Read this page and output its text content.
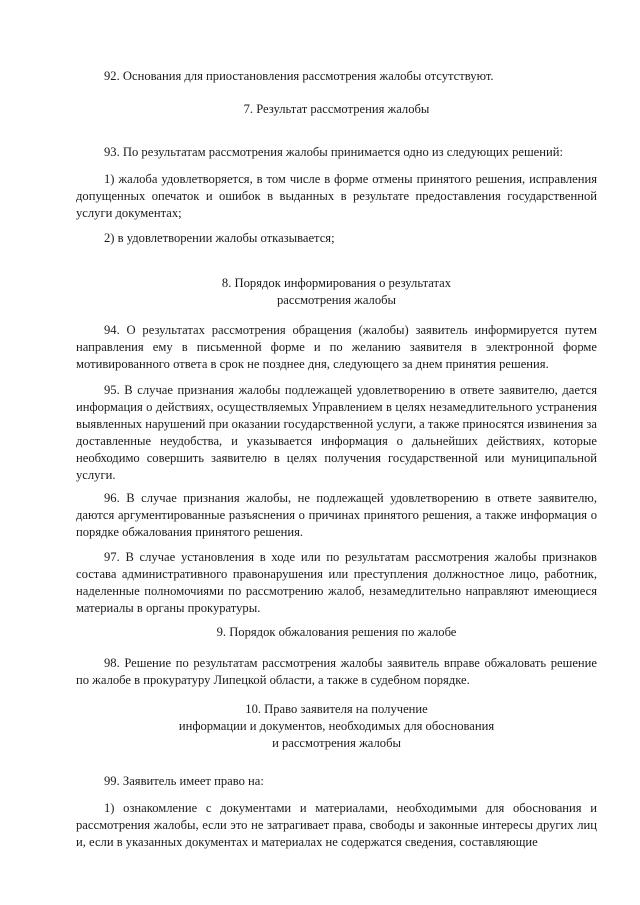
92. Основания для приостановления рассмотрения жалобы отсутствуют.

7. Результат рассмотрения жалобы

93. По результатам рассмотрения жалобы принимается одно из следующих решений:

1) жалоба удовлетворяется, в том числе в форме отмены принятого решения, исправления допущенных опечаток и ошибок в выданных в результате предоставления государственной услуги документах;

2) в удовлетворении жалобы отказывается;

8. Порядок информирования о результатах
рассмотрения жалобы

94. О результатах рассмотрения обращения (жалобы) заявитель информируется путем направления ему в письменной форме и по желанию заявителя в электронной форме мотивированного ответа в срок не позднее дня, следующего за днем принятия решения.

95. В случае признания жалобы подлежащей удовлетворению в ответе заявителю, дается информация о действиях, осуществляемых Управлением в целях незамедлительного устранения выявленных нарушений при оказании государственной услуги, а также приносятся извинения за доставленные неудобства, и указывается информация о дальнейших действиях, которые необходимо совершить заявителю в целях получения государственной или муниципальной услуги.

96. В случае признания жалобы, не подлежащей удовлетворению в ответе заявителю, даются аргументированные разъяснения о причинах принятого решения, а также информация о порядке обжалования принятого решения.

97. В случае установления в ходе или по результатам рассмотрения жалобы признаков состава административного правонарушения или преступления должностное лицо, работник, наделенные полномочиями по рассмотрению жалоб, незамедлительно направляют имеющиеся материалы в органы прокуратуры.

9. Порядок обжалования решения по жалобе

98. Решение по результатам рассмотрения жалобы заявитель вправе обжаловать решение по жалобе в прокуратуру Липецкой области, а также в судебном порядке.

10. Право заявителя на получение
информации и документов, необходимых для обоснования
и рассмотрения жалобы

99. Заявитель имеет право на:

1) ознакомление с документами и материалами, необходимыми для обоснования и рассмотрения жалобы, если это не затрагивает права, свободы и законные интересы других лиц и, если в указанных документах и материалах не содержатся сведения, составляющие
